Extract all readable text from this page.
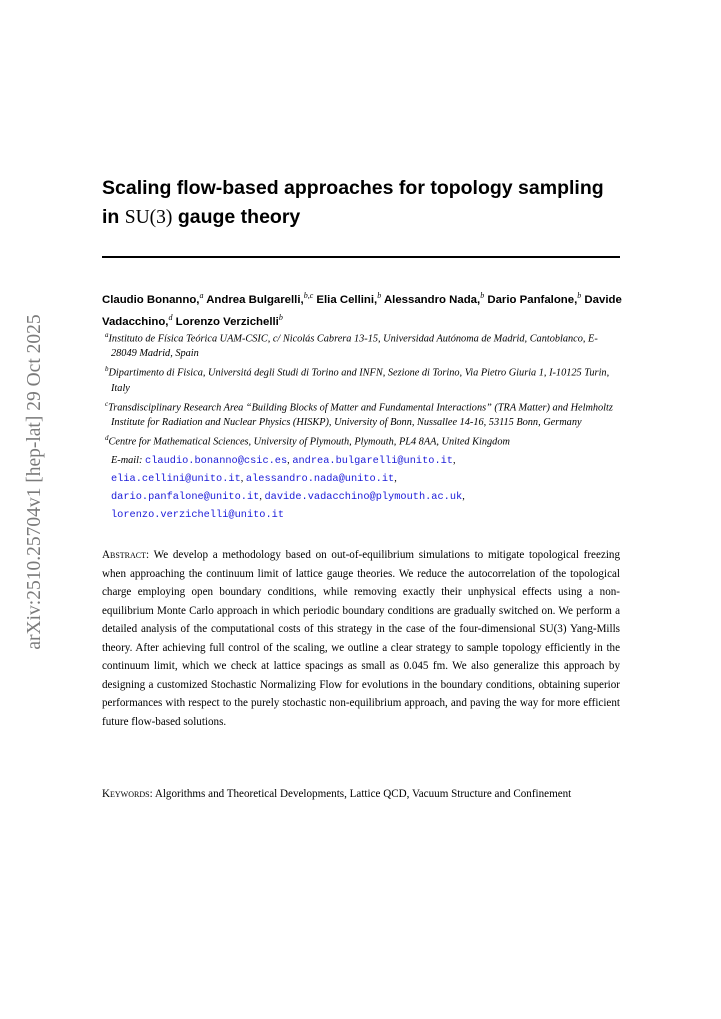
arXiv:2510.25704v1 [hep-lat] 29 Oct 2025
Scaling flow-based approaches for topology sampling
in SU(3) gauge theory
Claudio Bonanno,$^a$ Andrea Bulgarelli,$^{b,c}$ Elia Cellini,$^b$ Alessandro Nada,$^b$ Dario Panfalone,$^b$ Davide Vadacchino,$^d$ Lorenzo Verzichelli$^b$
$^a$Instituto de Física Teórica UAM-CSIC, c/ Nicolás Cabrera 13-15, Universidad Autónoma de Madrid, Cantoblanco, E-28049 Madrid, Spain
$^b$Dipartimento di Fisica, Universitá degli Studi di Torino and INFN, Sezione di Torino, Via Pietro Giuria 1, I-10125 Turin, Italy
$^c$Transdisciplinary Research Area “Building Blocks of Matter and Fundamental Interactions” (TRA Matter) and Helmholtz Institute for Radiation and Nuclear Physics (HISKP), University of Bonn, Nussallee 14-16, 53115 Bonn, Germany
$^d$Centre for Mathematical Sciences, University of Plymouth, Plymouth, PL4 8AA, United Kingdom
E-mail: claudio.bonanno@csic.es, andrea.bulgarelli@unito.it,
elia.cellini@unito.it, alessandro.nada@unito.it,
dario.panfalone@unito.it, davide.vadacchino@plymouth.ac.uk,
lorenzo.verzichelli@unito.it
Abstract: We develop a methodology based on out-of-equilibrium simulations to mitigate topological freezing when approaching the continuum limit of lattice gauge theories. We reduce the autocorrelation of the topological charge employing open boundary conditions, while removing exactly their unphysical effects using a non-equilibrium Monte Carlo approach in which periodic boundary conditions are gradually switched on. We perform a detailed analysis of the computational costs of this strategy in the case of the four-dimensional SU(3) Yang-Mills theory. After achieving full control of the scaling, we outline a clear strategy to sample topology efficiently in the continuum limit, which we check at lattice spacings as small as 0.045 fm. We also generalize this approach by designing a customized Stochastic Normalizing Flow for evolutions in the boundary conditions, obtaining superior performances with respect to the purely stochastic non-equilibrium approach, and paving the way for more efficient future flow-based solutions.
Keywords: Algorithms and Theoretical Developments, Lattice QCD, Vacuum Structure and Confinement
